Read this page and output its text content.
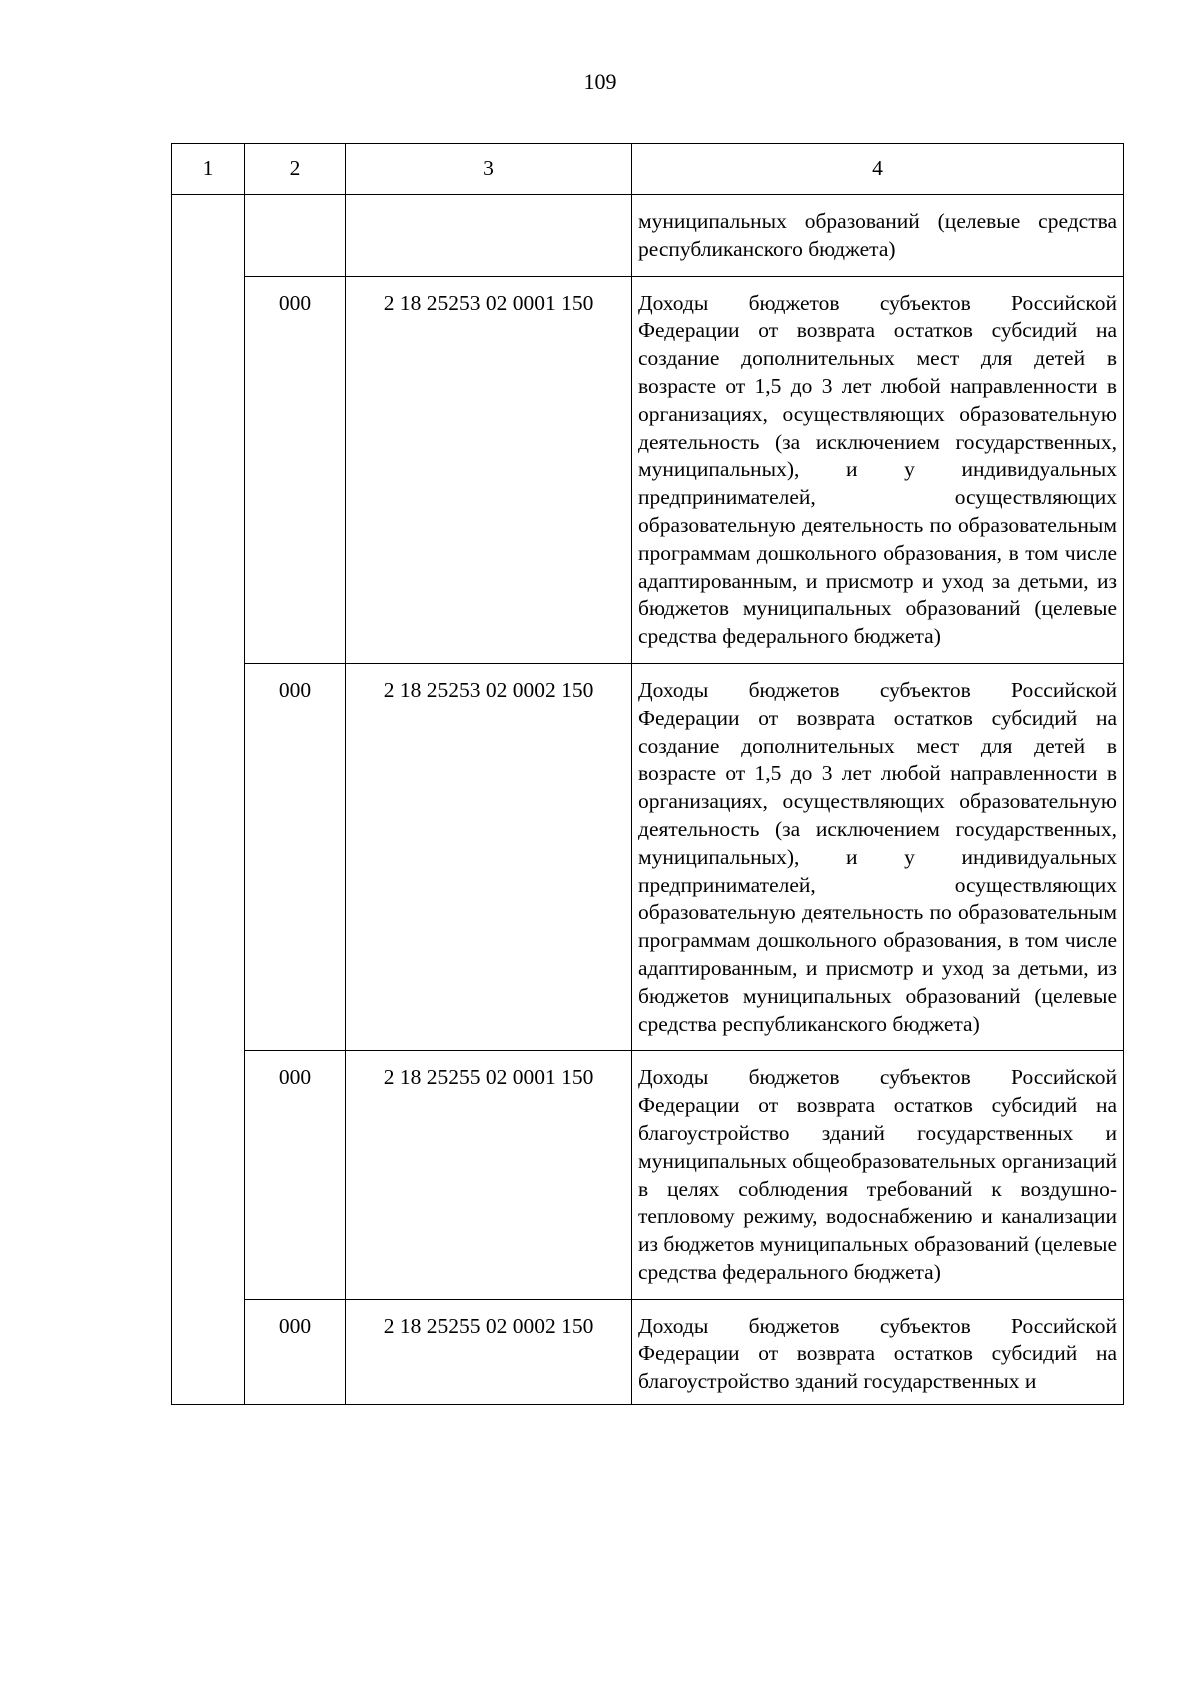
109
1	2	3	4
			муниципальных образований (целевые средства республиканского бюджета)
	000	2 18 25253 02 0001 150	Доходы бюджетов субъектов Российской Федерации от возврата остатков субсидий на создание дополнительных мест для детей в возрасте от 1,5 до 3 лет любой направленности в организациях, осуществляющих образовательную деятельность (за исключением государственных, муниципальных), и у индивидуальных предпринимателей, осуществляющих образовательную деятельность по образовательным программам дошкольного образования, в том числе адаптированным, и присмотр и уход за детьми, из бюджетов муниципальных образований (целевые средства федерального бюджета)
	000	2 18 25253 02 0002 150	Доходы бюджетов субъектов Российской Федерации от возврата остатков субсидий на создание дополнительных мест для детей в возрасте от 1,5 до 3 лет любой направленности в организациях, осуществляющих образовательную деятельность (за исключением государственных, муниципальных), и у индивидуальных предпринимателей, осуществляющих образовательную деятельность по образовательным программам дошкольного образования, в том числе адаптированным, и присмотр и уход за детьми, из бюджетов муниципальных образований (целевые средства республиканского бюджета)
	000	2 18 25255 02 0001 150	Доходы бюджетов субъектов Российской Федерации от возврата остатков субсидий на благоустройство зданий государственных и муниципальных общеобразовательных организаций в целях соблюдения требований к воздушно-тепловому режиму, водоснабжению и канализации из бюджетов муниципальных образований (целевые средства федерального бюджета)
	000	2 18 25255 02 0002 150	Доходы бюджетов субъектов Российской Федерации от возврата остатков субсидий на благоустройство зданий государственных и
